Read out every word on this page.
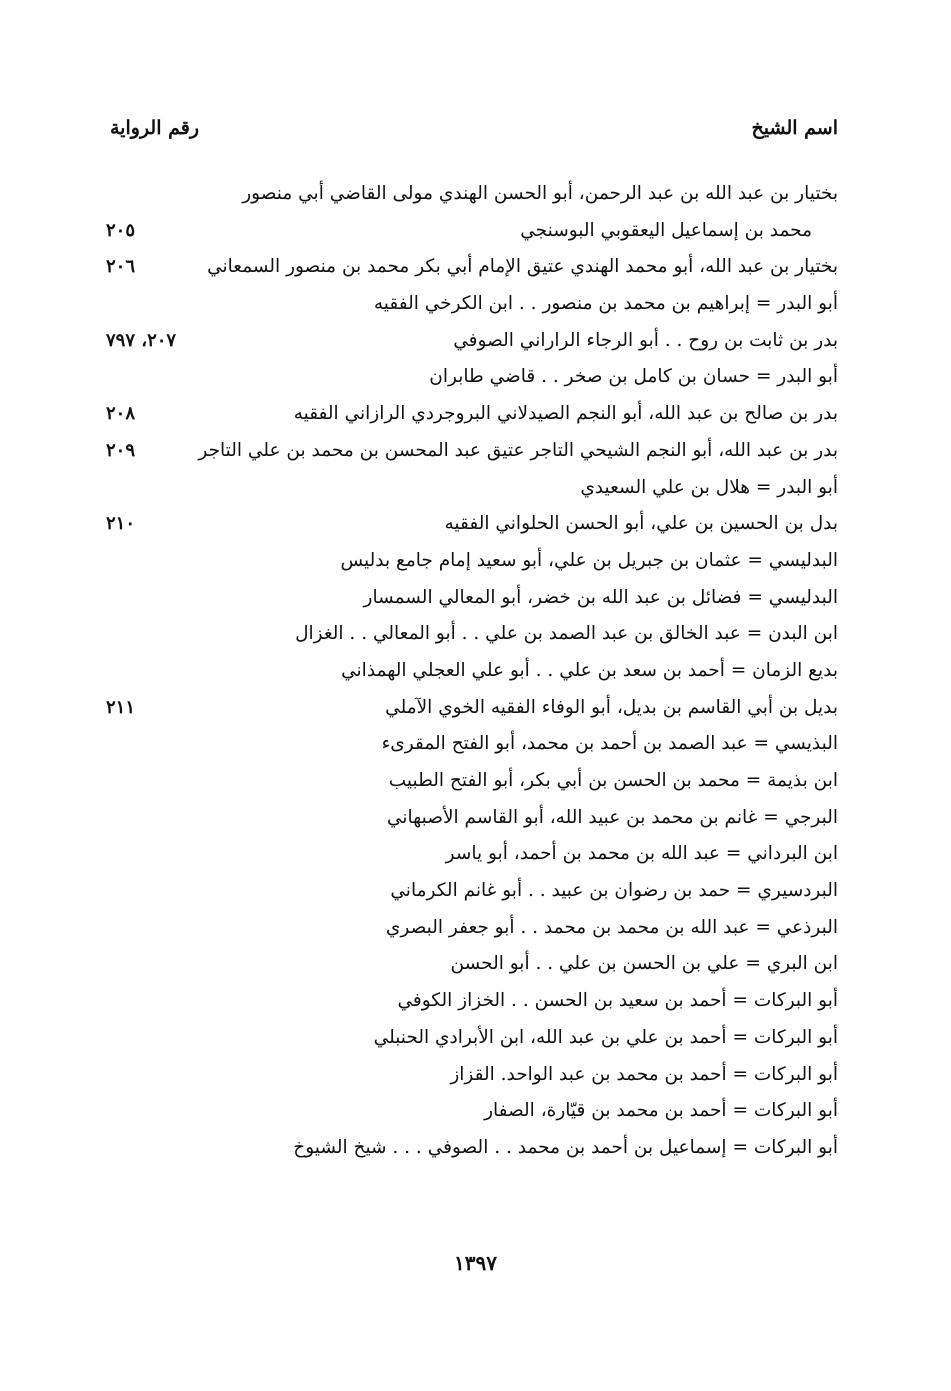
اسم الشيخ
رقم الرواية
بختيار بن عبد الله بن عبد الرحمن، أبو الحسن الهندي مولى القاضي أبي منصور
محمد بن إسماعيل اليعقوبي البوسنجي
٢٠٥
بختيار بن عبد الله، أبو محمد الهندي عتيق الإمام أبي بكر محمد بن منصور السمعاني
٢٠٦
أبو البدر = إبراهيم بن محمد بن منصور . . ابن الكرخي الفقيه
بدر بن ثابت بن روح . . أبو الرجاء الراراني الصوفي
٢٠٧، ٧٩٧
أبو البدر = حسان بن كامل بن صخر . . قاضي طابران
بدر بن صالح بن عبد الله، أبو النجم الصيدلاني البروجردي الرازاني الفقيه
٢٠٨
بدر بن عبد الله، أبو النجم الشيحي التاجر عتيق عبد المحسن بن محمد بن علي التاجر
٢٠٩
أبو البدر = هلال بن علي السعيدي
بدل بن الحسين بن علي، أبو الحسن الحلواني الفقيه
٢١٠
البدليسي = عثمان بن جبريل بن علي، أبو سعيد إمام جامع بدليس
البدليسي = فضائل بن عبد الله بن خضر، أبو المعالي السمسار
ابن البدن = عبد الخالق بن عبد الصمد بن علي . . أبو المعالي . . الغزال
بديع الزمان = أحمد بن سعد بن علي . . أبو علي العجلي الهمذاني
بديل بن أبي القاسم بن بديل، أبو الوفاء الفقيه الخوي الآملي
٢١١
البذيسي = عبد الصمد بن أحمد بن محمد، أبو الفتح المقرىء
ابن بذيمة = محمد بن الحسن بن أبي بكر، أبو الفتح الطبيب
البرجي = غانم بن محمد بن عبيد الله، أبو القاسم الأصبهاني
ابن البرداني = عبد الله بن محمد بن أحمد، أبو ياسر
البردسيري = حمد بن رضوان بن عبيد . . أبو غانم الكرماني
البرذعي = عبد الله بن محمد بن محمد . . أبو جعفر البصري
ابن البري = علي بن الحسن بن علي . . أبو الحسن
أبو البركات = أحمد بن سعيد بن الحسن . . الخزاز الكوفي
أبو البركات = أحمد بن علي بن عبد الله، ابن الأبرادي الحنبلي
أبو البركات = أحمد بن محمد بن عبد الواحد. القزاز
أبو البركات = أحمد بن محمد بن قيّارة، الصفار
أبو البركات = إسماعيل بن أحمد بن محمد . . الصوفي . . . شيخ الشيوخ
١٣٩٧
